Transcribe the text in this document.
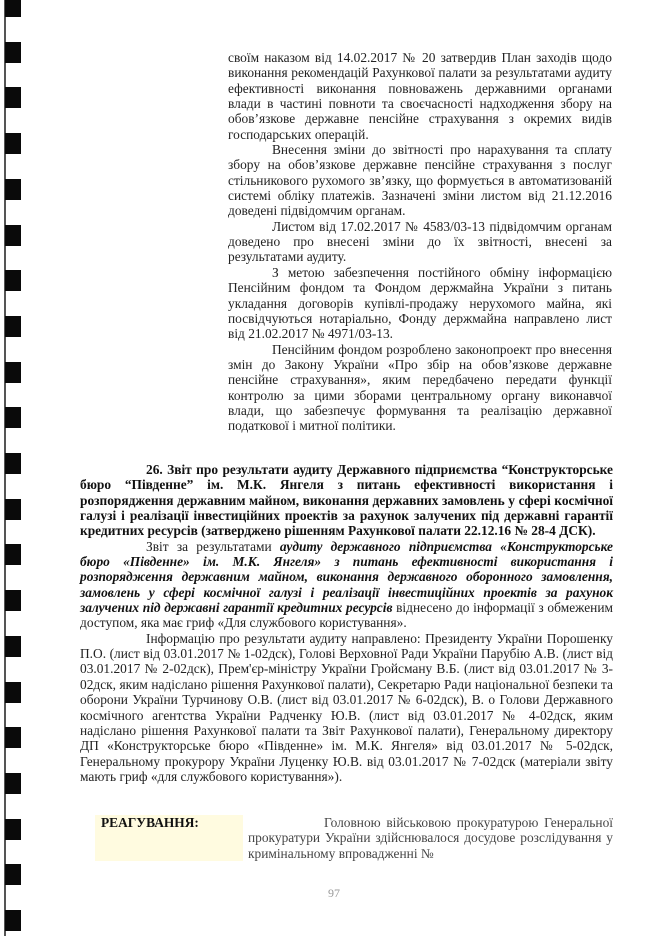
своїм наказом від 14.02.2017 № 20 затвердив План заходів щодо виконання рекомендацій Рахункової палати за результатами аудиту ефективності виконання повноважень державними органами влади в частині повноти та своєчасності надходження збору на обов’язкове державне пенсійне страхування з окремих видів господарських операцій.

Внесення зміни до звітності про нарахування та сплату збору на обов’язкове державне пенсійне страхування з послуг стільникового рухомого зв’язку, що формується в автоматизованій системі обліку платежів. Зазначені зміни листом від 21.12.2016 доведені підвідомчим органам.

Листом від 17.02.2017 № 4583/03-13 підвідомчим органам доведено про внесені зміни до їх звітності, внесені за результатами аудиту.

З метою забезпечення постійного обміну інформацією Пенсійним фондом та Фондом держмайна України з питань укладання договорів купівлі-продажу нерухомого майна, які посвідчуються нотаріально, Фонду держмайна направлено лист від 21.02.2017 № 4971/03-13.

Пенсійним фондом розроблено законопроект про внесення змін до Закону України «Про збір на обов’язкове державне пенсійне страхування», яким передбачено передати функції контролю за цими зборами центральному органу виконавчої влади, що забезпечує формування та реалізацію державної податкової і митної політики.

26. Звіт про результати аудиту Державного підприємства “Конструкторське бюро “Південне” ім. М.К. Янгеля з питань ефективності використання і розпорядження державним майном, виконання державних замовлень у сфері космічної галузі і реалізації інвестиційних проектів за рахунок залучених під державні гарантії кредитних ресурсів (затверджено рішенням Рахункової палати 22.12.16 № 28-4 ДСК).

Звіт за результатами аудиту державного підприємства «Конструкторське бюро «Південне» ім. М.К. Янгеля» з питань ефективності використання і розпорядження державним майном, виконання державного оборонного замовлення, замовлень у сфері космічної галузі і реалізації інвестиційних проектів за рахунок залучених під державні гарантії кредитних ресурсів віднесено до інформації з обмеженим доступом, яка має гриф «Для службового користування».

Інформацію про результати аудиту направлено: Президенту України Порошенку П.О. (лист від 03.01.2017 № 1-02дск), Голові Верховної Ради України Парубію А.В. (лист від 03.01.2017 № 2-02дск), Прем'єр-міністру України Гройсману В.Б. (лист від 03.01.2017 № 3-02дск, яким надіслано рішення Рахункової палати), Секретарю Ради національної безпеки та оборони України Турчинову О.В. (лист від 03.01.2017 № 6-02дск), В. о Голови Державного космічного агентства України Радченку Ю.В. (лист від 03.01.2017 № 4-02дск, яким надіслано рішення Рахункової палати та Звіт Рахункової палати), Генеральному директору ДП «Конструкторське бюро «Південне» ім. М.К. Янгеля» від 03.01.2017 № 5-02дск, Генеральному прокурору України Луценку Ю.В. від 03.01.2017 № 7-02дск (матеріали звіту мають гриф «для службового користування»).

РЕАГУВАННЯ:	Головною військовою прокуратурою Генеральної прокуратури України здійснювалося досудове розслідування у кримінальному впровадженні №

97
